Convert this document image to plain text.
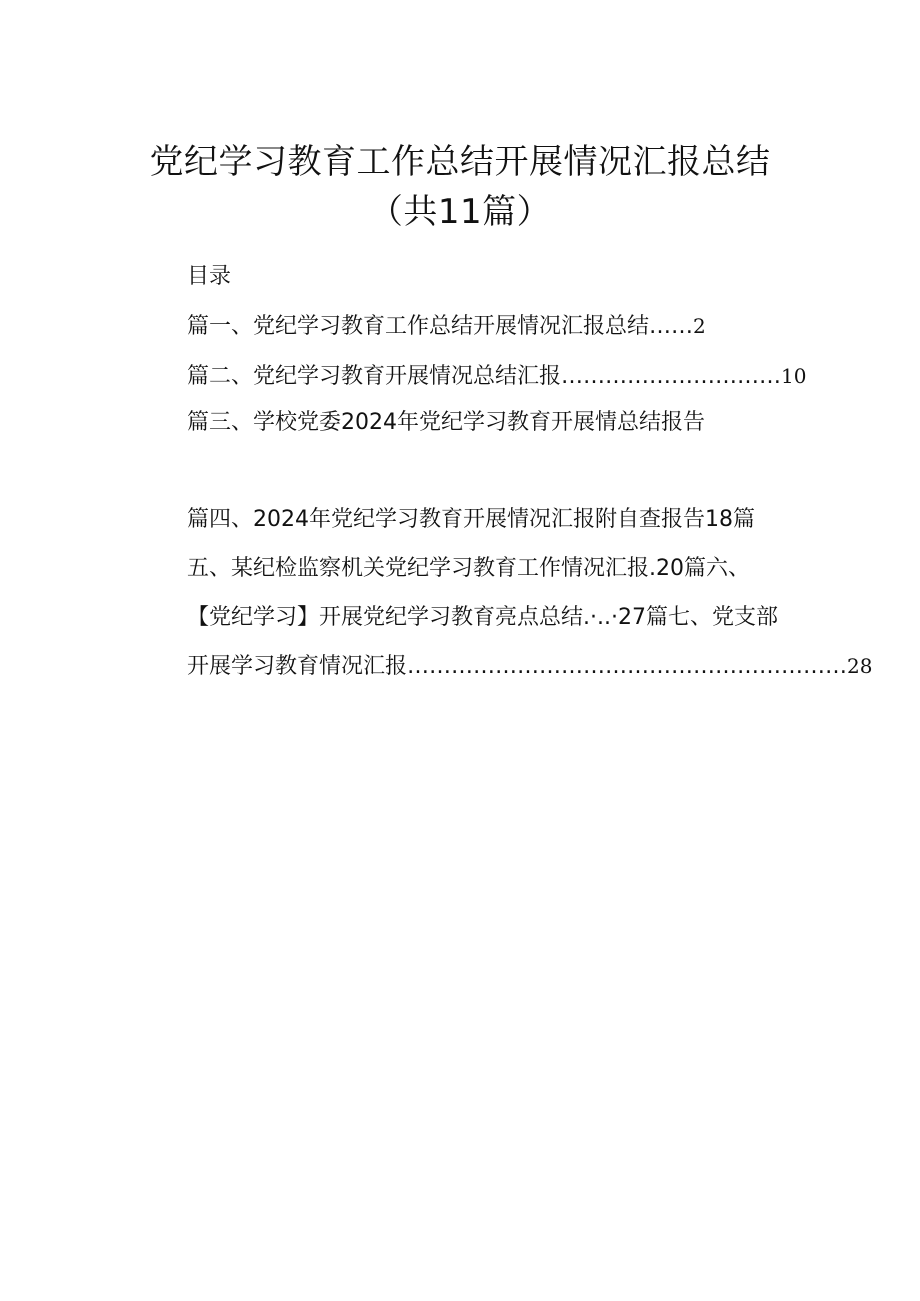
党纪学习教育工作总结开展情况汇报总结
（共11篇）
目录
篇一、党纪学习教育工作总结开展情况汇报总结……2
篇二、党纪学习教育开展情况总结汇报…………………………10
篇三、学校党委2024年党纪学习教育开展情总结报告
篇四、2024年党纪学习教育开展情况汇报附自查报告18篇
五、某纪检监察机关党纪学习教育工作情况汇报.20篇六、
【党纪学习】开展党纪学习教育亮点总结.·..·27篇七、党支部
开展学习教育情况汇报……………………………………………………28
